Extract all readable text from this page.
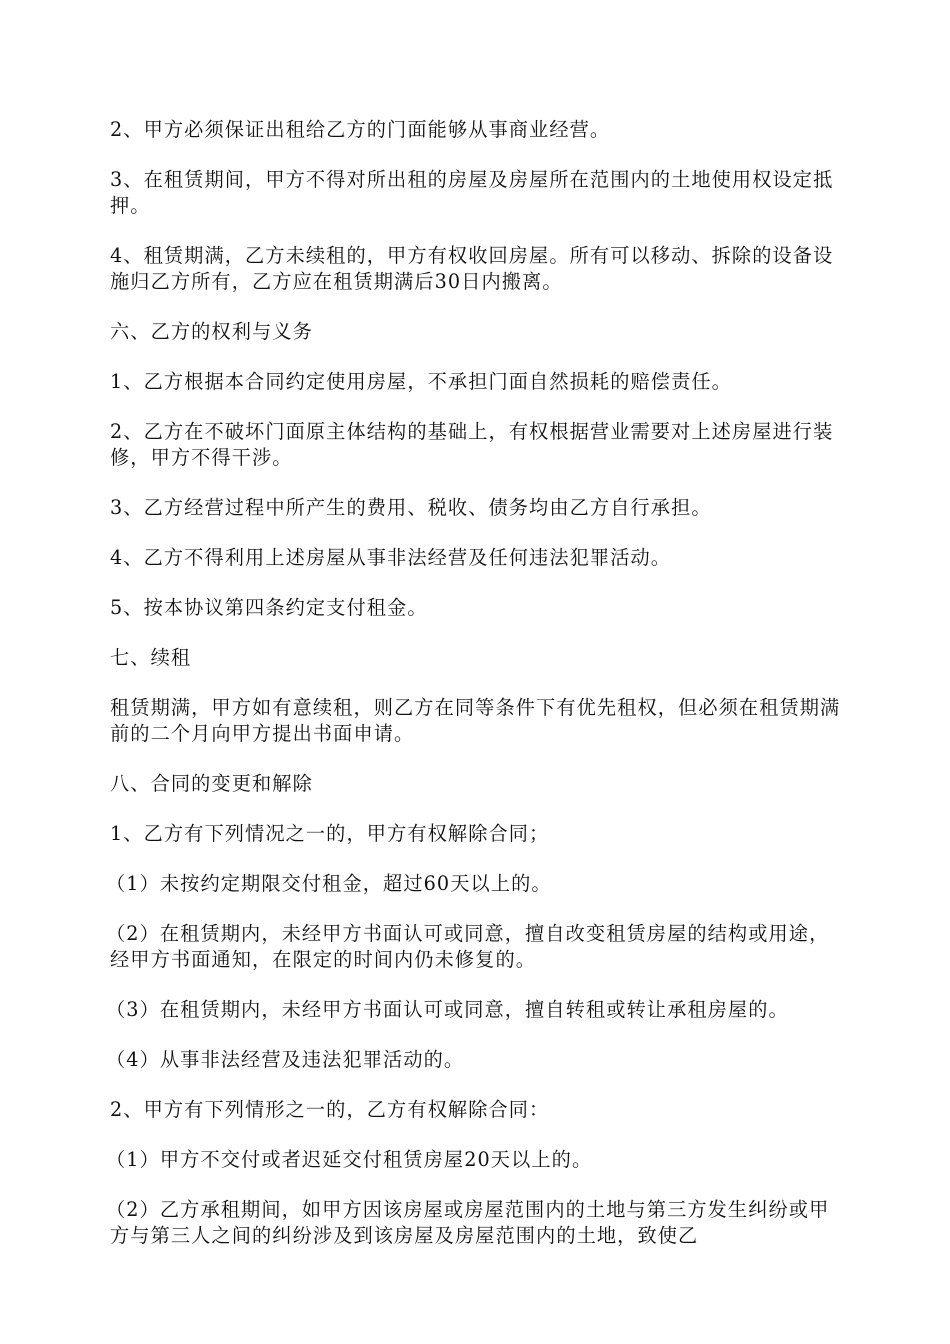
2、甲方必须保证出租给乙方的门面能够从事商业经营。

3、在租赁期间，甲方不得对所出租的房屋及房屋所在范围内的土地使用权设定抵押。

4、租赁期满，乙方未续租的，甲方有权收回房屋。所有可以移动、拆除的设备设施归乙方所有，乙方应在租赁期满后30日内搬离。

六、乙方的权利与义务

1、乙方根据本合同约定使用房屋，不承担门面自然损耗的赔偿责任。

2、乙方在不破坏门面原主体结构的基础上，有权根据营业需要对上述房屋进行装修，甲方不得干涉。

3、乙方经营过程中所产生的费用、税收、债务均由乙方自行承担。

4、乙方不得利用上述房屋从事非法经营及任何违法犯罪活动。

5、按本协议第四条约定支付租金。

七、续租

租赁期满，甲方如有意续租，则乙方在同等条件下有优先租权，但必须在租赁期满前的二个月向甲方提出书面申请。

八、合同的变更和解除

1、乙方有下列情况之一的，甲方有权解除合同；

（1）未按约定期限交付租金，超过60天以上的。

（2）在租赁期内，未经甲方书面认可或同意，擅自改变租赁房屋的结构或用途，经甲方书面通知，在限定的时间内仍未修复的。

（3）在租赁期内，未经甲方书面认可或同意，擅自转租或转让承租房屋的。

（4）从事非法经营及违法犯罪活动的。

2、甲方有下列情形之一的，乙方有权解除合同：

（1）甲方不交付或者迟延交付租赁房屋20天以上的。

（2）乙方承租期间，如甲方因该房屋或房屋范围内的土地与第三方发生纠纷或甲方与第三人之间的纠纷涉及到该房屋及房屋范围内的土地，致使乙
